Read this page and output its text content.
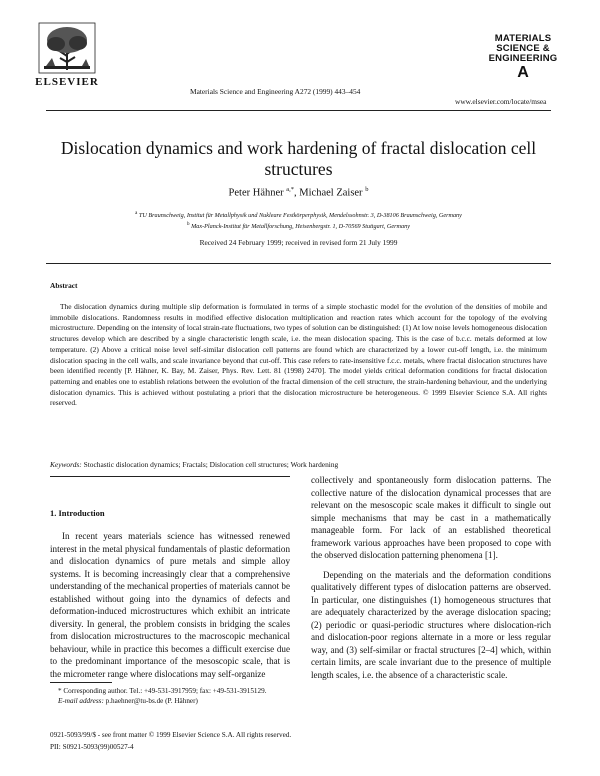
ELSEVIER
Materials Science and Engineering A272 (1999) 443–454
MATERIALS
SCIENCE &
ENGINEERING
A
www.elsevier.com/locate/msea
Dislocation dynamics and work hardening of fractal dislocation cell structures
Peter Hähner $^{a,*}$, Michael Zaiser $^b$
$^a$ TU Braunschweig, Institut für Metallphysik und Nukleare Festkörperphysik, Mendelssohnstr. 3, D-38106 Braunschweig, Germany
$^b$ Max-Planck-Institut für Metallforschung, Heisenbergstr. 1, D-70569 Stuttgart, Germany
Received 24 February 1999; received in revised form 21 July 1999
Abstract
The dislocation dynamics during multiple slip deformation is formulated in terms of a simple stochastic model for the evolution of the densities of mobile and immobile dislocations. Randomness results in modified effective dislocation multiplication and reaction rates which account for the topology of the evolving microstructure. Depending on the intensity of local strain-rate fluctuations, two types of solution can be distinguished: (1) At low noise levels homogeneous dislocation structures develop which are described by a single characteristic length scale, i.e. the mean dislocation spacing. This is the case of b.c.c. metals deformed at low temperature. (2) Above a critical noise level self-similar dislocation cell patterns are found which are characterized by a lower cut-off length, i.e. the minimum dislocation spacing in the cell walls, and scale invariance beyond that cut-off. This case refers to rate-insensitive f.c.c. metals, where fractal dislocation structures have been identified recently [P. Hähner, K. Bay, M. Zaiser, Phys. Rev. Lett. 81 (1998) 2470]. The model yields critical deformation conditions for fractal dislocation patterning and enables one to establish relations between the evolution of the fractal dimension of the cell structure, the strain-hardening behaviour, and the underlying dislocation dynamics. This is achieved without postulating a priori that the dislocation microstructure be heterogeneous. © 1999 Elsevier Science S.A. All rights reserved.
Keywords: Stochastic dislocation dynamics; Fractals; Dislocation cell structures; Work hardening
1. Introduction

In recent years materials science has witnessed renewed interest in the metal physical fundamentals of plastic deformation and dislocation dynamics of pure metals and simple alloy systems. It is becoming increasingly clear that a comprehensive understanding of the mechanical properties of materials cannot be established without going into the dynamics of defects and deformation-induced microstructures which exhibit an intricate diversity. In general, the problem consists in bridging the scales from dislocation microstructures to the macroscopic mechanical behaviour, while in practice this becomes a difficult exercise due to the predominant importance of the mesoscopic scale, that is the micrometer range where dislocations may self-organize

collectively and spontaneously form dislocation patterns. The collective nature of the dislocation dynamical processes that are relevant on the mesoscopic scale makes it difficult to single out simple mechanisms that may be cast in a mathematically manageable form. For lack of an established theoretical framework various approaches have been proposed to cope with the observed dislocation patterning phenomena [1].

Depending on the materials and the deformation conditions qualitatively different types of dislocation patterns are observed. In particular, one distinguishes (1) homogeneous structures that are adequately characterized by the average dislocation spacing; (2) periodic or quasi-periodic structures where dislocation-rich and dislocation-poor regions alternate in a more or less regular way, and (3) self-similar or fractal structures [2–4] which, within certain limits, are scale invariant due to the presence of multiple length scales, i.e. the absence of a characteristic scale.

* Corresponding author. Tel.: +49-531-3917959; fax: +49-531-3915129.

E-mail address: p.haehner@tu-bs.de (P. Hähner)

0921-5093/99/$ - see front matter © 1999 Elsevier Science S.A. All rights reserved.
PII: S0921-5093(99)00527-4
